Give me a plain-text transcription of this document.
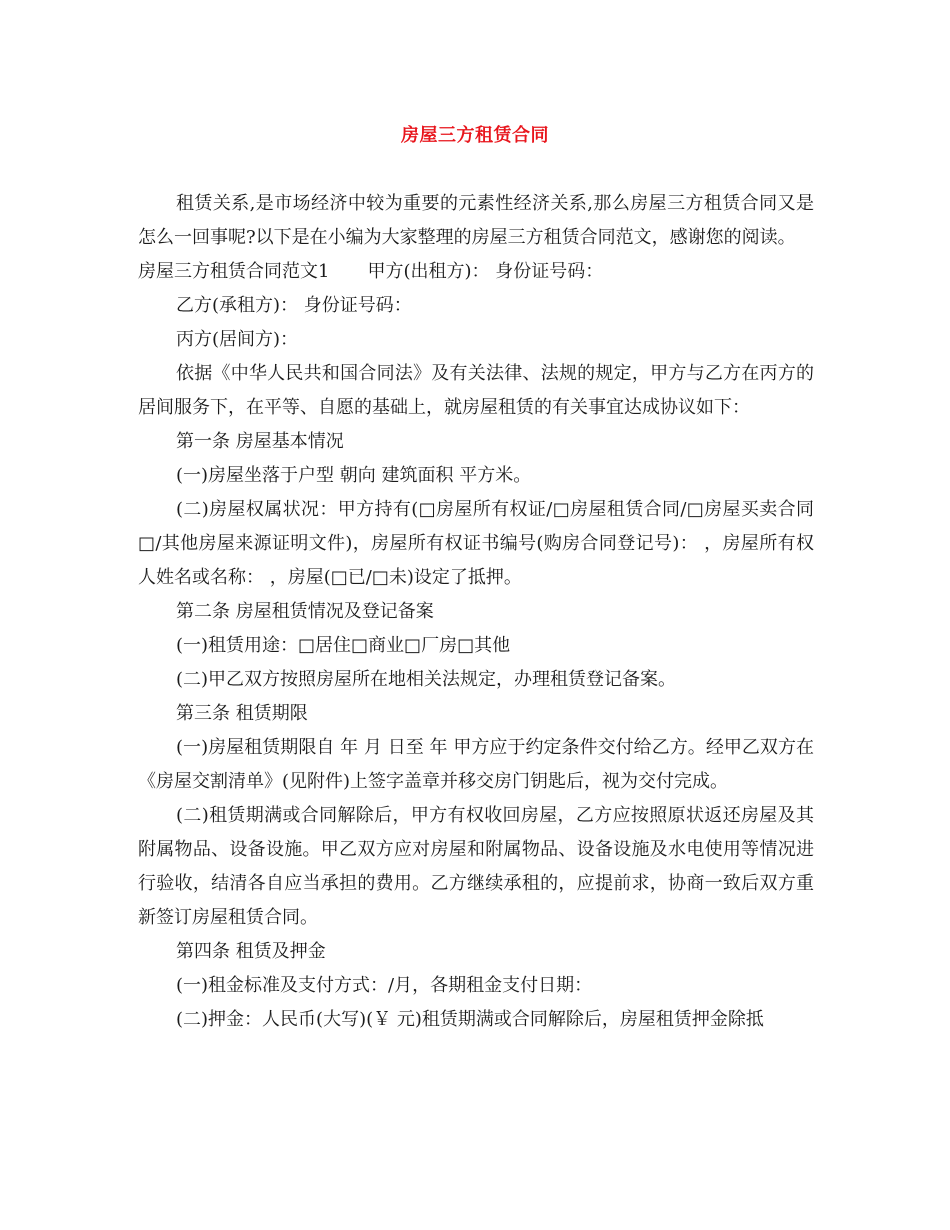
房屋三方租赁合同

租赁关系,是市场经济中较为重要的元素性经济关系,那么房屋三方租赁合同又是怎么一回事呢?以下是在小编为大家整理的房屋三方租赁合同范文，感谢您的阅读。

房屋三方租赁合同范文1 甲方(出租方)： 身份证号码：

乙方(承租方)： 身份证号码：

丙方(居间方)：

依据《中华人民共和国合同法》及有关法律、法规的规定，甲方与乙方在丙方的居间服务下，在平等、自愿的基础上，就房屋租赁的有关事宜达成协议如下：

第一条 房屋基本情况

(一)房屋坐落于户型 朝向 建筑面积 平方米。

(二)房屋权属状况：甲方持有(□房屋所有权证/□房屋租赁合同/□房屋买卖合同□/其他房屋来源证明文件)，房屋所有权证书编号(购房合同登记号)： ，房屋所有权人姓名或名称： ，房屋(□已/□未)设定了抵押。

第二条 房屋租赁情况及登记备案

(一)租赁用途：□居住□商业□厂房□其他

(二)甲乙双方按照房屋所在地相关法规定，办理租赁登记备案。

第三条 租赁期限

(一)房屋租赁期限自 年 月 日至 年 甲方应于约定条件交付给乙方。经甲乙双方在《房屋交割清单》(见附件)上签字盖章并移交房门钥匙后，视为交付完成。

(二)租赁期满或合同解除后，甲方有权收回房屋，乙方应按照原状返还房屋及其附属物品、设备设施。甲乙双方应对房屋和附属物品、设备设施及水电使用等情况进行验收，结清各自应当承担的费用。乙方继续承租的，应提前求，协商一致后双方重新签订房屋租赁合同。

第四条 租赁及押金

(一)租金标准及支付方式：/月，各期租金支付日期：

(二)押金：人民币(大写)(￥ 元)租赁期满或合同解除后，房屋租赁押金除抵
